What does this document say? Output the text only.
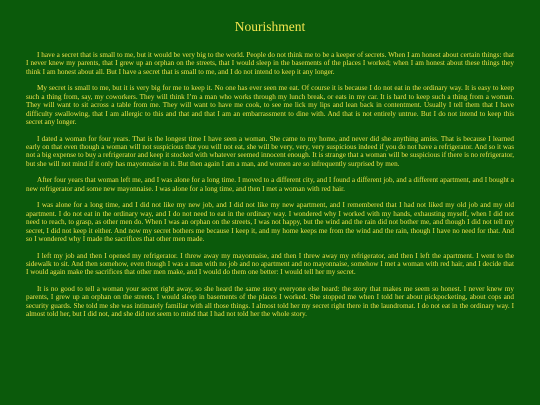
Nourishment

I have a secret that is small to me, but it would be very big to the world. People do not think me to be a keeper of secrets. When I am honest about certain things: that I never knew my parents, that I grew up an orphan on the streets, that I would sleep in the basements of the places I worked; when I am honest about these things they think I am honest about all. But I have a secret that is small to me, and I do not intend to keep it any longer.

My secret is small to me, but it is very big for me to keep it. No one has ever seen me eat. Of course it is because I do not eat in the ordinary way. It is easy to keep such a thing from, say, my coworkers. They will think I’m a man who works through my lunch break, or eats in my car. It is hard to keep such a thing from a woman. They will want to sit across a table from me. They will want to have me cook, to see me lick my lips and lean back in contentment. Usually I tell them that I have difficulty swallowing, that I am allergic to this and that and that I am an embarrassment to dine with. And that is not entirely untrue. But I do not intend to keep this secret any longer.

I dated a woman for four years. That is the longest time I have seen a woman. She came to my home, and never did she anything amiss. That is because I learned early on that even though a woman will not suspicious that you will not eat, she will be very, very, very suspicious indeed if you do not have a refrigerator. And so it was not a big expense to buy a refrigerator and keep it stocked with whatever seemed innocent enough. It is strange that a woman will be suspicious if there is no refrigerator, but she will not mind if it only has mayonnaise in it. But then again I am a man, and women are so infrequently surprised by men.

After four years that woman left me, and I was alone for a long time. I moved to a different city, and I found a different job, and a different apartment, and I bought a new refrigerator and some new mayonnaise. I was alone for a long time, and then I met a woman with red hair.

I was alone for a long time, and I did not like my new job, and I did not like my new apartment, and I remembered that I had not liked my old job and my old apartment. I do not eat in the ordinary way, and I do not need to eat in the ordinary way. I wondered why I worked with my hands, exhausting myself, when I did not need to reach, to grasp, as other men do. When I was an orphan on the streets, I was not happy, but the wind and the rain did not bother me, and though I did not tell my secret, I did not keep it either. And now my secret bothers me because I keep it, and my home keeps me from the wind and the rain, though I have no need for that. And so I wondered why I made the sacrifices that other men made.

I left my job and then I opened my refrigerator. I threw away my mayonnaise, and then I threw away my refrigerator, and then I left the apartment. I went to the sidewalk to sit. And then somehow, even though I was a man with no job and no apartment and no mayonnaise, somehow I met a woman with red hair, and I decide that I would again make the sacrifices that other men make, and I would do them one better: I would tell her my secret.

It is no good to tell a woman your secret right away, so she heard the same story everyone else heard: the story that makes me seem so honest. I never knew my parents, I grew up an orphan on the streets, I would sleep in basements of the places I worked. She stopped me when I told her about pickpocketing, about cops and security guards. She told me she was intimately familiar with all those things. I almost told her my secret right there in the laundromat. I do not eat in the ordinary way. I almost told her, but I did not, and she did not seem to mind that I had not told her the whole story.
